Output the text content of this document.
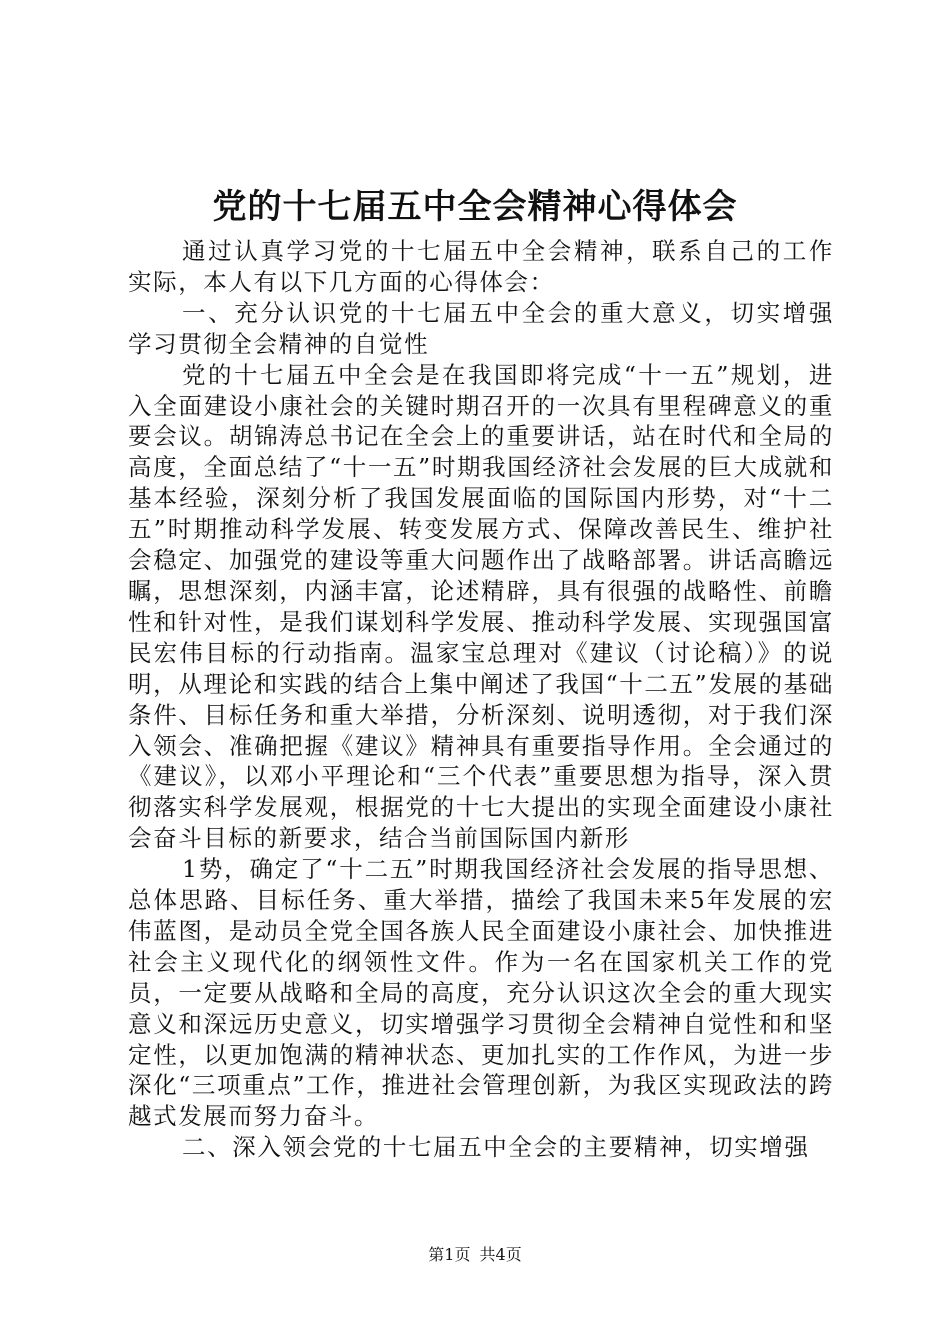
党的十七届五中全会精神心得体会

通过认真学习党的十七届五中全会精神，联系自己的工作实际，本人有以下几方面的心得体会：

一、充分认识党的十七届五中全会的重大意义，切实增强学习贯彻全会精神的自觉性

党的十七届五中全会是在我国即将完成“十一五”规划，进入全面建设小康社会的关键时期召开的一次具有里程碑意义的重要会议。胡锦涛总书记在全会上的重要讲话，站在时代和全局的高度，全面总结了“十一五”时期我国经济社会发展的巨大成就和基本经验，深刻分析了我国发展面临的国际国内形势，对“十二五”时期推动科学发展、转变发展方式、保障改善民生、维护社会稳定、加强党的建设等重大问题作出了战略部署。讲话高瞻远瞩，思想深刻，内涵丰富，论述精辟，具有很强的战略性、前瞻性和针对性，是我们谋划科学发展、推动科学发展、实现强国富民宏伟目标的行动指南。温家宝总理对《建议（讨论稿）》的说明，从理论和实践的结合上集中阐述了我国“十二五”发展的基础条件、目标任务和重大举措，分析深刻、说明透彻，对于我们深入领会、准确把握《建议》精神具有重要指导作用。全会通过的《建议》，以邓小平理论和“三个代表”重要思想为指导，深入贯彻落实科学发展观，根据党的十七大提出的实现全面建设小康社会奋斗目标的新要求，结合当前国际国内新形

1势，确定了“十二五”时期我国经济社会发展的指导思想、总体思路、目标任务、重大举措，描绘了我国未来5年发展的宏伟蓝图，是动员全党全国各族人民全面建设小康社会、加快推进社会主义现代化的纲领性文件。作为一名在国家机关工作的党员，一定要从战略和全局的高度，充分认识这次全会的重大现实意义和深远历史意义，切实增强学习贯彻全会精神自觉性和和坚定性，以更加饱满的精神状态、更加扎实的工作作风，为进一步深化“三项重点”工作，推进社会管理创新，为我区实现政法的跨越式发展而努力奋斗。

二、深入领会党的十七届五中全会的主要精神，切实增强

第1页 共4页
